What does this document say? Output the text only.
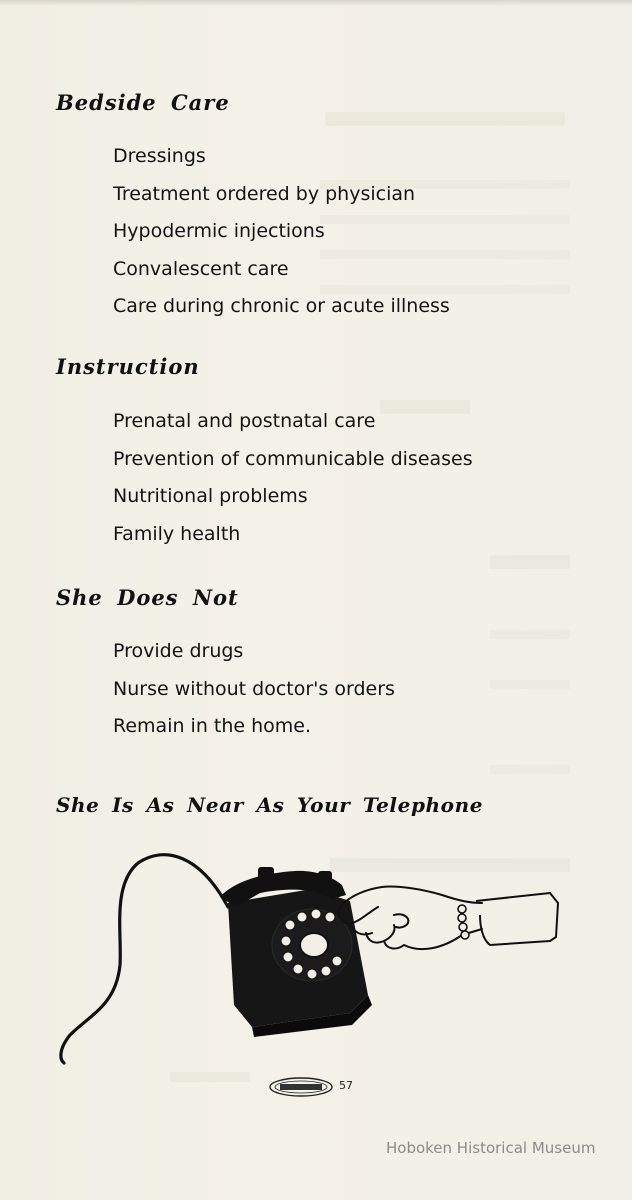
Bedside Care
Dressings
Treatment ordered by physician
Hypodermic injections
Convalescent care
Care during chronic or acute illness
Instruction
Prenatal and postnatal care
Prevention of communicable diseases
Nutritional problems
Family health
She Does Not
Provide drugs
Nurse without doctor's orders
Remain in the home.
She Is As Near As Your Telephone
57
Hoboken Historical Museum
